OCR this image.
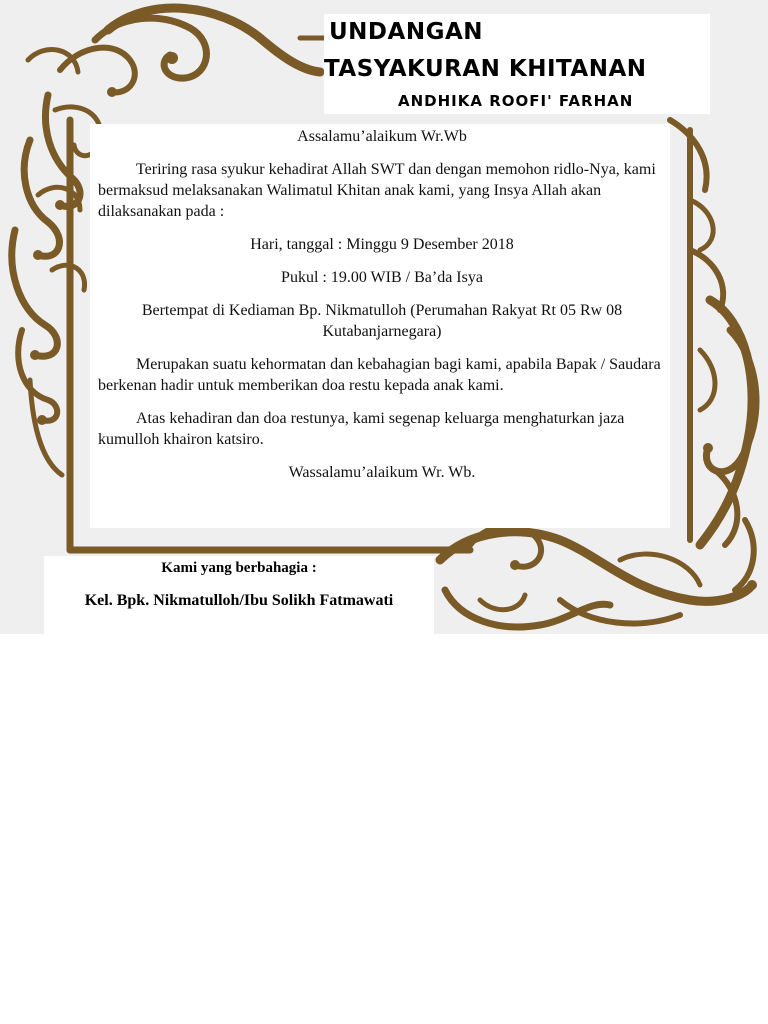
UNDANGAN
TASYAKURAN KHITANAN
ANDHIKA ROOFI' FARHAN

Assalamu’alaikum Wr.Wb

Teriring rasa syukur kehadirat Allah SWT dan dengan memohon ridlo-Nya, kami bermaksud melaksanakan Walimatul Khitan anak kami, yang Insya Allah akan dilaksanakan pada :

Hari, tanggal : Minggu 9 Desember 2018

Pukul : 19.00 WIB / Ba’da Isya

Bertempat di Kediaman Bp. Nikmatulloh (Perumahan Rakyat Rt 05 Rw 08 Kutabanjarnegara)

Merupakan suatu kehormatan dan kebahagian bagi kami, apabila Bapak / Saudara berkenan hadir untuk memberikan doa restu kepada anak kami.

Atas kehadiran dan doa restunya, kami segenap keluarga menghaturkan jaza kumulloh khairon katsiro.

Wassalamu’alaikum Wr. Wb.

Kami yang berbahagia :
Kel. Bpk. Nikmatulloh/Ibu Solikh Fatmawati
